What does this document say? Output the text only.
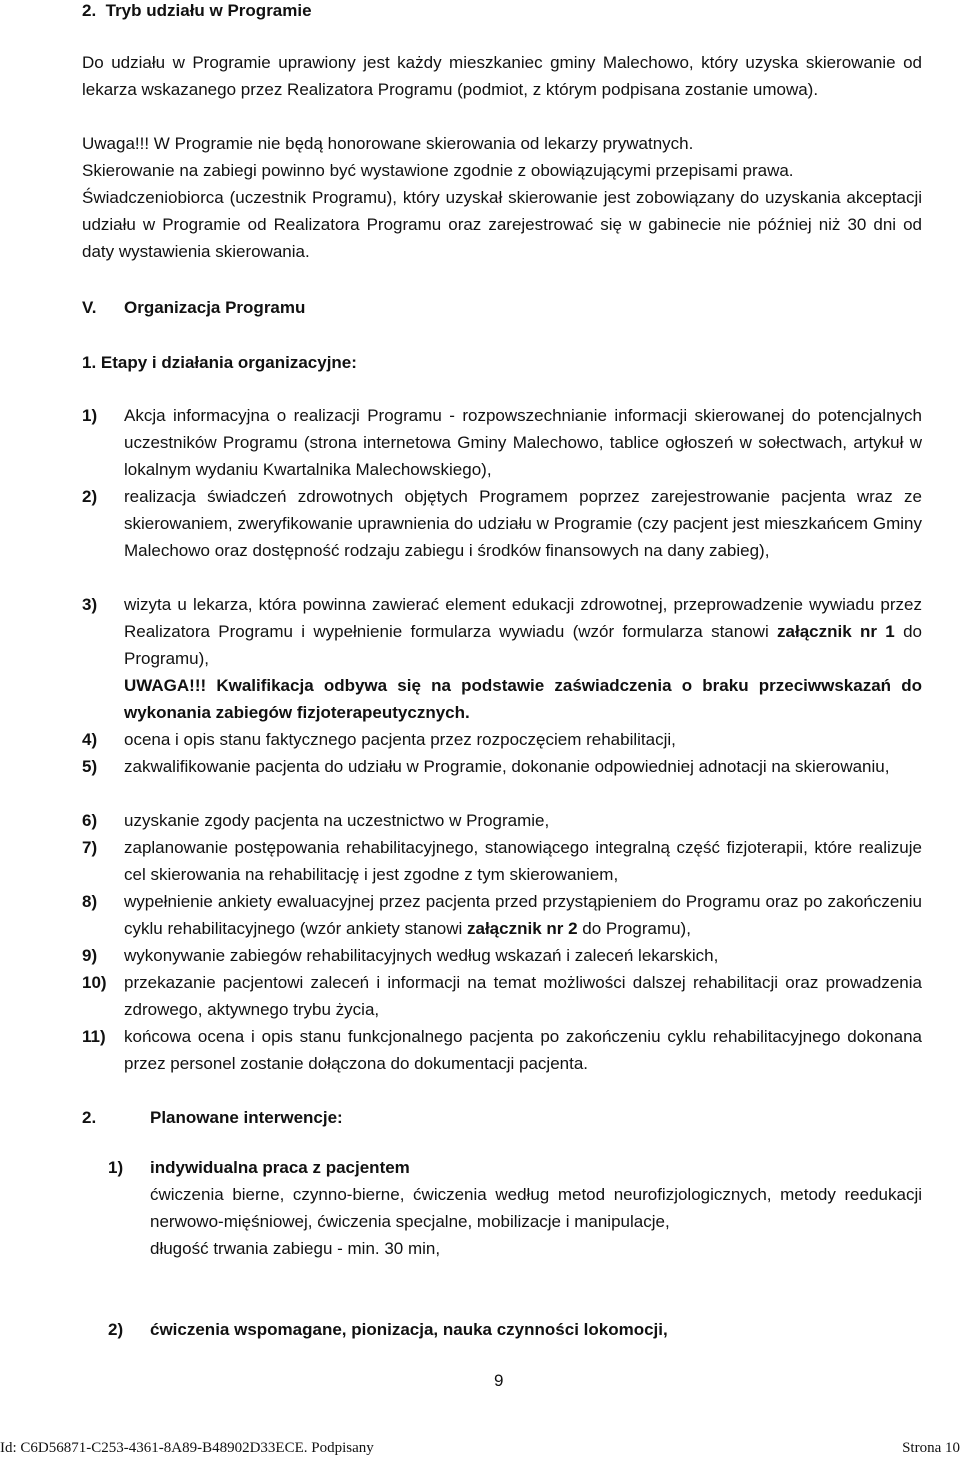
2.  Tryb udziału w Programie
Do udziału w Programie uprawiony jest każdy mieszkaniec gminy Malechowo, który uzyska skierowanie od lekarza wskazanego przez Realizatora Programu (podmiot, z którym podpisana zostanie umowa).
Uwaga!!! W Programie nie będą honorowane skierowania od lekarzy prywatnych.
Skierowanie na zabiegi powinno być wystawione zgodnie z obowiązującymi przepisami prawa.
Świadczeniobiorca (uczestnik Programu), który uzyskał skierowanie jest zobowiązany do uzyskania akceptacji udziału w Programie od Realizatora Programu oraz zarejestrować się w gabinecie nie później niż 30 dni od daty wystawienia skierowania.
V. Organizacja Programu
1. Etapy i działania organizacyjne:
1) Akcja informacyjna o realizacji Programu - rozpowszechnianie informacji skierowanej do potencjalnych uczestników Programu (strona internetowa Gminy Malechowo, tablice ogłoszeń w sołectwach, artykuł w lokalnym wydaniu Kwartalnika Malechowskiego),
2) realizacja świadczeń zdrowotnych objętych Programem poprzez zarejestrowanie pacjenta wraz ze skierowaniem, zweryfikowanie uprawnienia do udziału w Programie (czy pacjent jest mieszkańcem Gminy Malechowo oraz dostępność rodzaju zabiegu i środków finansowych na dany zabieg),
3) wizyta u lekarza, która powinna zawierać element edukacji zdrowotnej, przeprowadzenie wywiadu przez Realizatora Programu i wypełnienie formularza wywiadu (wzór formularza stanowi załącznik nr 1 do Programu),
UWAGA!!! Kwalifikacja odbywa się na podstawie zaświadczenia o braku przeciwwskazań do wykonania zabiegów fizjoterapeutycznych.
4) ocena i opis stanu faktycznego pacjenta przez rozpoczęciem rehabilitacji,
5) zakwalifikowanie pacjenta do udziału w Programie, dokonanie odpowiedniej adnotacji na skierowaniu,
6) uzyskanie zgody pacjenta na uczestnictwo w Programie,
7) zaplanowanie postępowania rehabilitacyjnego, stanowiącego integralną część fizjoterapii, które realizuje cel skierowania na rehabilitację i jest zgodne z tym skierowaniem,
8) wypełnienie ankiety ewaluacyjnej przez pacjenta przed przystąpieniem do Programu oraz po zakończeniu cyklu rehabilitacyjnego (wzór ankiety stanowi załącznik nr 2 do Programu),
9) wykonywanie zabiegów rehabilitacyjnych według wskazań i zaleceń lekarskich,
10) przekazanie pacjentowi zaleceń i informacji na temat możliwości dalszej rehabilitacji oraz prowadzenia zdrowego, aktywnego trybu życia,
11) końcowa ocena i opis stanu funkcjonalnego pacjenta po zakończeniu cyklu rehabilitacyjnego dokonana przez personel zostanie dołączona do dokumentacji pacjenta.
2.	Planowane interwencje:
1) indywidualna praca z pacjentem
ćwiczenia bierne, czynno-bierne, ćwiczenia według metod neurofizjologicznych, metody reedukacji nerwowo-mięśniowej, ćwiczenia specjalne, mobilizacje i manipulacje,
długość trwania zabiegu - min. 30 min,
2) ćwiczenia wspomagane, pionizacja, nauka czynności lokomocji,
9
Id: C6D56871-C253-4361-8A89-B48902D33ECE. Podpisany	Strona 10
